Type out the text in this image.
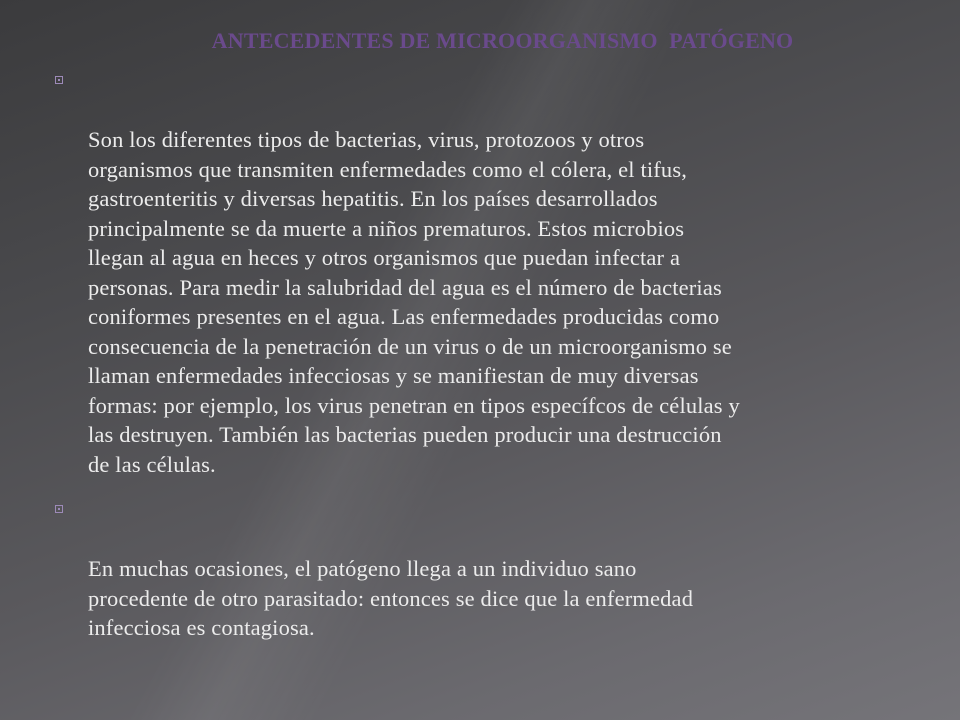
ANTECEDENTES DE MICROORGANISMO  PATÓGENO

Son los diferentes tipos de bacterias, virus, protozoos y otros
organismos que transmiten enfermedades como el cólera, el tifus,
gastroenteritis y diversas hepatitis. En los países desarrollados
principalmente se da muerte a niños prematuros. Estos microbios
llegan al agua en heces y otros organismos que puedan infectar a
personas. Para medir la salubridad del agua es el número de bacterias
coniformes presentes en el agua. Las enfermedades producidas como
consecuencia de la penetración de un virus o de un microorganismo se
llaman enfermedades infecciosas y se manifiestan de muy diversas
formas: por ejemplo, los virus penetran en tipos específcos de células y
las destruyen. También las bacterias pueden producir una destrucción
de las células.

En muchas ocasiones, el patógeno llega a un individuo sano
procedente de otro parasitado: entonces se dice que la enfermedad
infecciosa es contagiosa.
